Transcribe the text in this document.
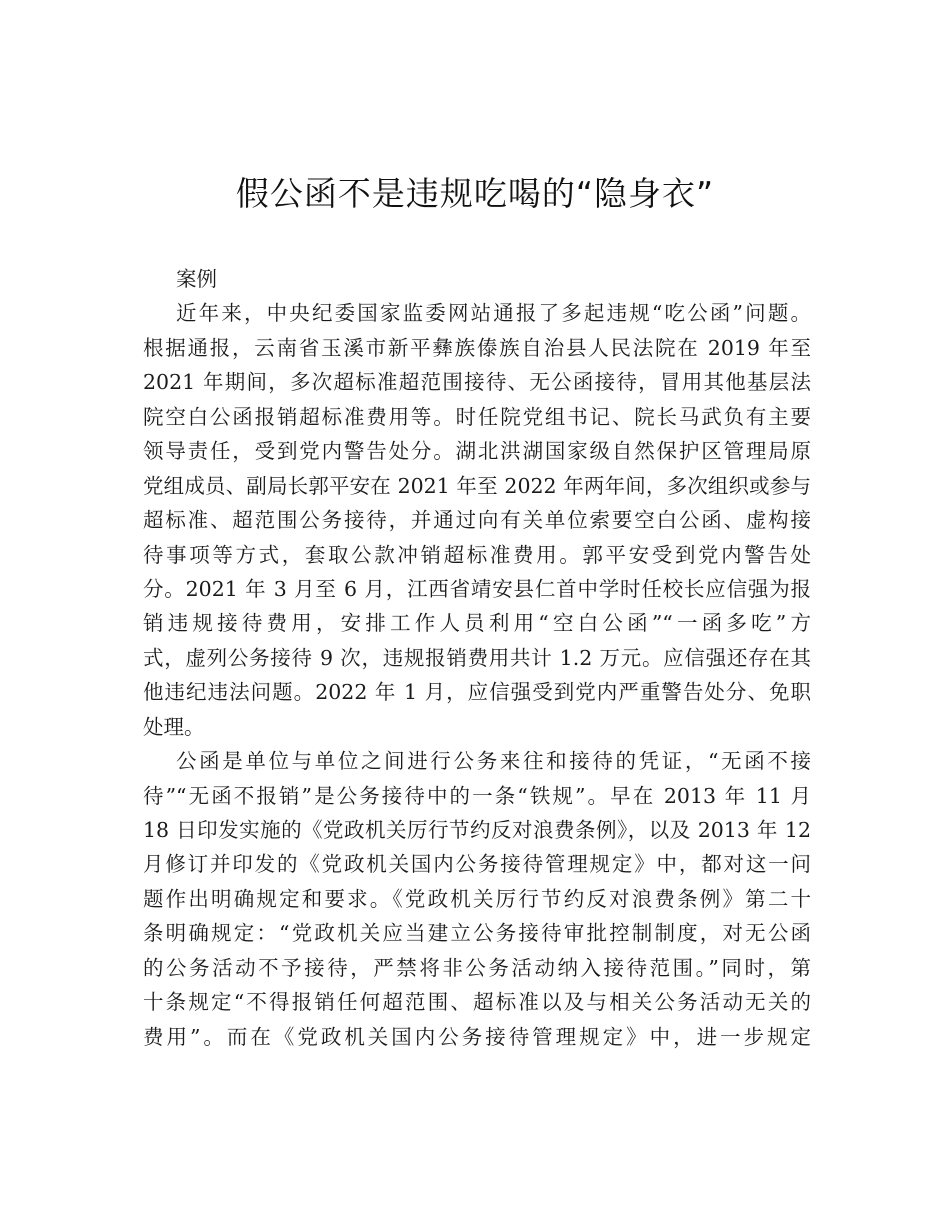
假公函不是违规吃喝的“隐身衣”
案例
近年来，中央纪委国家监委网站通报了多起违规“吃公函”问题。
根据通报，云南省玉溪市新平彝族傣族自治县人民法院在 2019 年至
2021 年期间，多次超标准超范围接待、无公函接待，冒用其他基层法
院空白公函报销超标准费用等。时任院党组书记、院长马武负有主要
领导责任，受到党内警告处分。湖北洪湖国家级自然保护区管理局原
党组成员、副局长郭平安在 2021 年至 2022 年两年间，多次组织或参与
超标准、超范围公务接待，并通过向有关单位索要空白公函、虚构接
待事项等方式，套取公款冲销超标准费用。郭平安受到党内警告处
分。2021 年 3 月至 6 月，江西省靖安县仁首中学时任校长应信强为报
销违规接待费用，安排工作人员利用“空白公函”“一函多吃”方
式，虚列公务接待 9 次，违规报销费用共计 1.2 万元。应信强还存在其
他违纪违法问题。2022 年 1 月，应信强受到党内严重警告处分、免职
处理。
公函是单位与单位之间进行公务来往和接待的凭证，“无函不接
待”“无函不报销”是公务接待中的一条“铁规”。早在 2013 年 11 月
18 日印发实施的《党政机关厉行节约反对浪费条例》，以及 2013 年 12
月修订并印发的《党政机关国内公务接待管理规定》中，都对这一问
题作出明确规定和要求。《党政机关厉行节约反对浪费条例》第二十
条明确规定：“党政机关应当建立公务接待审批控制制度，对无公函
的公务活动不予接待，严禁将非公务活动纳入接待范围。”同时，第
十条规定“不得报销任何超范围、超标准以及与相关公务活动无关的
费用”。而在《党政机关国内公务接待管理规定》中，进一步规定
